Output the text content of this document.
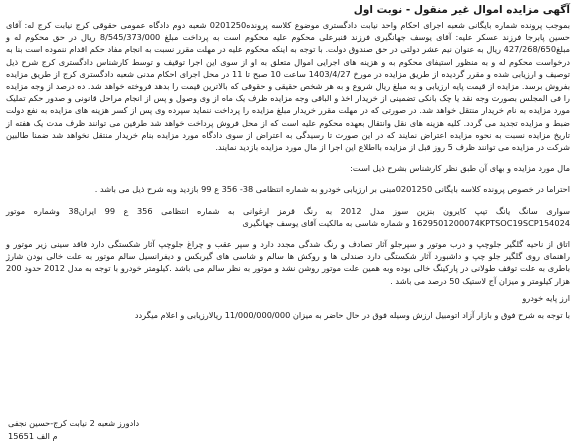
آگهی مزایده اموال غیر منقول - نوبت اول

بموجب پرونده شماره بایگانی شعبه اجرای احکام واحد نیابت دادگستری موضوع کلاسه پرونده0201250 شعبه دوم دادگاه عمومی حقوقی کرج نیابت کرج له: آقای حسین پابرجا فرزند عسکر علیه: آقای یوسف جهانگیری فرزند قنبرعلی محکوم علیه محکوم است به پرداخت مبلغ 8/545/373/000 ریال در حق محکوم له و مبلغ427/268/650 ریال به عنوان نیم عشر دولتی در حق صندوق دولت. با توجه به اینکه محکوم علیه در مهلت مقرر نسبت به انجام مفاد حکم اقدام ننموده است بنا به درخواست محکوم له و به منظور استیفای محکوم به و هزینه های اجرایی اموال متعلق به او از سوی این اجرا توقیف و توسط کارشناس دادگستری کرج شرح ذیل توصیف و ارزیابی شده و مقرر گردیده از طریق مزایده در مورخ 1403/4/27 ساعت 10 صبح تا 11 در محل اجرای احکام مدنی شعبه دادگستری کرج از طریق مزایده بفروش برسد. مزایده از قیمت پایه ارزیابی و به مبلغ ریال شروع و به هر شخص حقیقی و حقوقی که بالاترین قیمت را بدهد فروخته خواهد شد. ده درصد از وجه مزایده را فی المجلس بصورت وجه نقد یا چک بانکی تضمینی از خریدار اخذ و الباقی وجه مزایده ظرف یک ماه از وی وصول و پس از انجام مراحل قانونی و صدور حکم تملیک مورد مزایده به نام خریدار منتقل خواهد شد. در صورتی که در مهلت مقرر خریدار مبلغ مزایده را پرداخت ننماید سپرده وی پس از کسر هزینه های مزایده به نفع دولت ضبط و مزایده تجدید می گردد. کلیه هزینه های نقل وانتقال بعهده محکوم علیه است که از محل فروش پرداخت خواهد شد طرفین می توانند ظرف مدت یک هفته از تاریخ مزایده نسبت به نحوه مزایده اعتراض نمایند که در این صورت تا رسیدگی به اعتراض از سوی دادگاه مورد مزایده بنام خریدار منتقل نخواهد شد ضمنا طالبین شرکت در مزایده می توانند ظرف 5 روز قبل از مزایده بااطلاع این اجرا از مال مورد مزایده بازدید نمایند.

مال مورد مزایده و بهای آن طبق نظر کارشناس بشرح ذیل است:

احتراما در خصوص پرونده کلاسه بایگانی 0201250مبنی بر ارزیابی خودرو به شماره انتظامی 38- 356 ع 99 بازدید وبه شرح ذیل می باشد .

سواری سانگ یانگ تیپ کایرون بنزین سوز مدل 2012 به رنگ قرمز ارغوانی به شماره انتظامی 356 ع 99 ایران38 وشماره موتور 1629501200074KPTSOC19SCP154024 و شماره شاسی به مالکیت آقای یوسف جهانگیری

اتاق از ناحیه گلگیر جلوچپ و درب موتور و سپرجلو آثار تصادف و رنگ شدگی مجدد دارد و سپر عقب و چراغ جلوچپ آثار شکستگی دارد فاقد سینی زیر موتور و راهنمای روی گلگیر جلو چپ و داشبورد آثار شکستگی دارد صندلی ها و روکش ها سالم و شاسی های گیربکس و دیفرانسیل سالم موتور به علت خالی بودن شارژ باطری به علت توقف طولانی در پارکینگ خالی بوده وبه همین علت موتور روشن نشد و موتور به نظر سالم می باشد .کیلومتر خودرو با توجه به مدل 2012 حدود 200 هزار کیلومتر و میزان آج لاستیک 50 درصد می باشد .

ارز پایه خودرو

با توجه به شرح فوق و بازار آزاد اتومبیل ارزش وسیله فوق در حال حاضر به میزان 11/000/000/000 ریالارزیابی و اعلام میگردد

دادورز شعبه 2 نیابت کرج-حسین نجفی
م الف 15651
